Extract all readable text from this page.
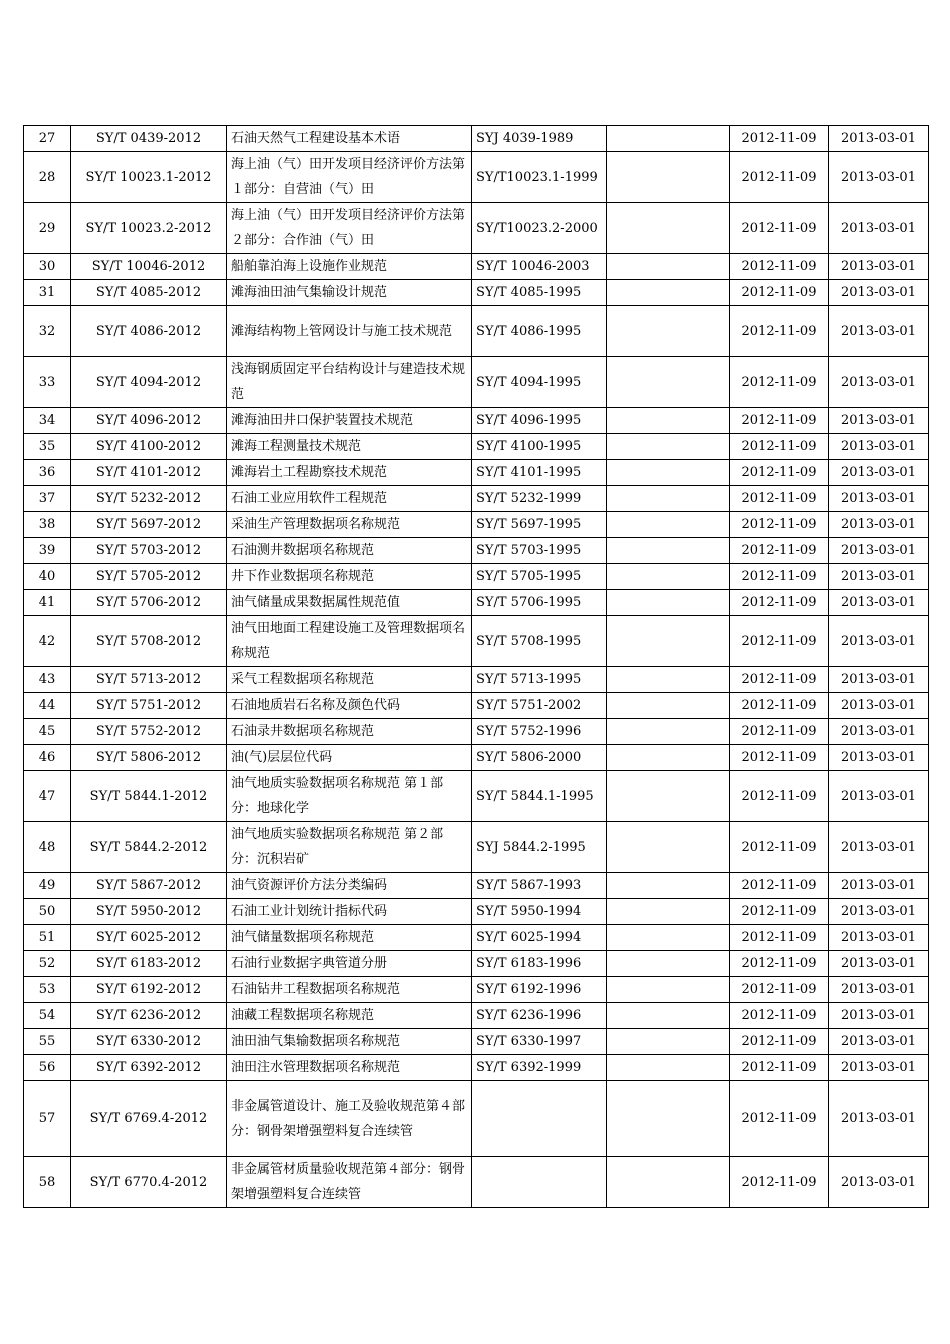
27	SY/T 0439-2012	石油天然气工程建设基本术语	SYJ 4039-1989		2012-11-09	2013-03-01
28	SY/T 10023.1-2012	海上油（气）田开发项目经济评价方法第１部分：自营油（气）田	SY/T10023.1-1999		2012-11-09	2013-03-01
29	SY/T 10023.2-2012	海上油（气）田开发项目经济评价方法第２部分：合作油（气）田	SY/T10023.2-2000		2012-11-09	2013-03-01
30	SY/T 10046-2012	船舶靠泊海上设施作业规范	SY/T 10046-2003		2012-11-09	2013-03-01
31	SY/T 4085-2012	滩海油田油气集输设计规范	SY/T 4085-1995		2012-11-09	2013-03-01
32	SY/T 4086-2012	滩海结构物上管网设计与施工技术规范	SY/T 4086-1995		2012-11-09	2013-03-01
33	SY/T 4094-2012	浅海钢质固定平台结构设计与建造技术规范	SY/T 4094-1995		2012-11-09	2013-03-01
34	SY/T 4096-2012	滩海油田井口保护装置技术规范	SY/T 4096-1995		2012-11-09	2013-03-01
35	SY/T 4100-2012	滩海工程测量技术规范	SY/T 4100-1995		2012-11-09	2013-03-01
36	SY/T 4101-2012	滩海岩土工程勘察技术规范	SY/T 4101-1995		2012-11-09	2013-03-01
37	SY/T 5232-2012	石油工业应用软件工程规范	SY/T 5232-1999		2012-11-09	2013-03-01
38	SY/T 5697-2012	采油生产管理数据项名称规范	SY/T 5697-1995		2012-11-09	2013-03-01
39	SY/T 5703-2012	石油测井数据项名称规范	SY/T 5703-1995		2012-11-09	2013-03-01
40	SY/T 5705-2012	井下作业数据项名称规范	SY/T 5705-1995		2012-11-09	2013-03-01
41	SY/T 5706-2012	油气储量成果数据属性规范值	SY/T 5706-1995		2012-11-09	2013-03-01
42	SY/T 5708-2012	油气田地面工程建设施工及管理数据项名称规范	SY/T 5708-1995		2012-11-09	2013-03-01
43	SY/T 5713-2012	采气工程数据项名称规范	SY/T 5713-1995		2012-11-09	2013-03-01
44	SY/T 5751-2012	石油地质岩石名称及颜色代码	SY/T 5751-2002		2012-11-09	2013-03-01
45	SY/T 5752-2012	石油录井数据项名称规范	SY/T 5752-1996		2012-11-09	2013-03-01
46	SY/T 5806-2012	油(气)层层位代码	SY/T 5806-2000		2012-11-09	2013-03-01
47	SY/T 5844.1-2012	油气地质实验数据项名称规范 第１部分：地球化学	SY/T 5844.1-1995		2012-11-09	2013-03-01
48	SY/T 5844.2-2012	油气地质实验数据项名称规范 第２部分：沉积岩矿	SYJ 5844.2-1995		2012-11-09	2013-03-01
49	SY/T 5867-2012	油气资源评价方法分类编码	SY/T 5867-1993		2012-11-09	2013-03-01
50	SY/T 5950-2012	石油工业计划统计指标代码	SY/T 5950-1994		2012-11-09	2013-03-01
51	SY/T 6025-2012	油气储量数据项名称规范	SY/T 6025-1994		2012-11-09	2013-03-01
52	SY/T 6183-2012	石油行业数据字典管道分册	SY/T 6183-1996		2012-11-09	2013-03-01
53	SY/T 6192-2012	石油钻井工程数据项名称规范	SY/T 6192-1996		2012-11-09	2013-03-01
54	SY/T 6236-2012	油藏工程数据项名称规范	SY/T 6236-1996		2012-11-09	2013-03-01
55	SY/T 6330-2012	油田油气集输数据项名称规范	SY/T 6330-1997		2012-11-09	2013-03-01
56	SY/T 6392-2012	油田注水管理数据项名称规范	SY/T 6392-1999		2012-11-09	2013-03-01
57	SY/T 6769.4-2012	非金属管道设计、施工及验收规范第４部分：钢骨架增强塑料复合连续管			2012-11-09	2013-03-01
58	SY/T 6770.4-2012	非金属管材质量验收规范第４部分：钢骨架增强塑料复合连续管			2012-11-09	2013-03-01
